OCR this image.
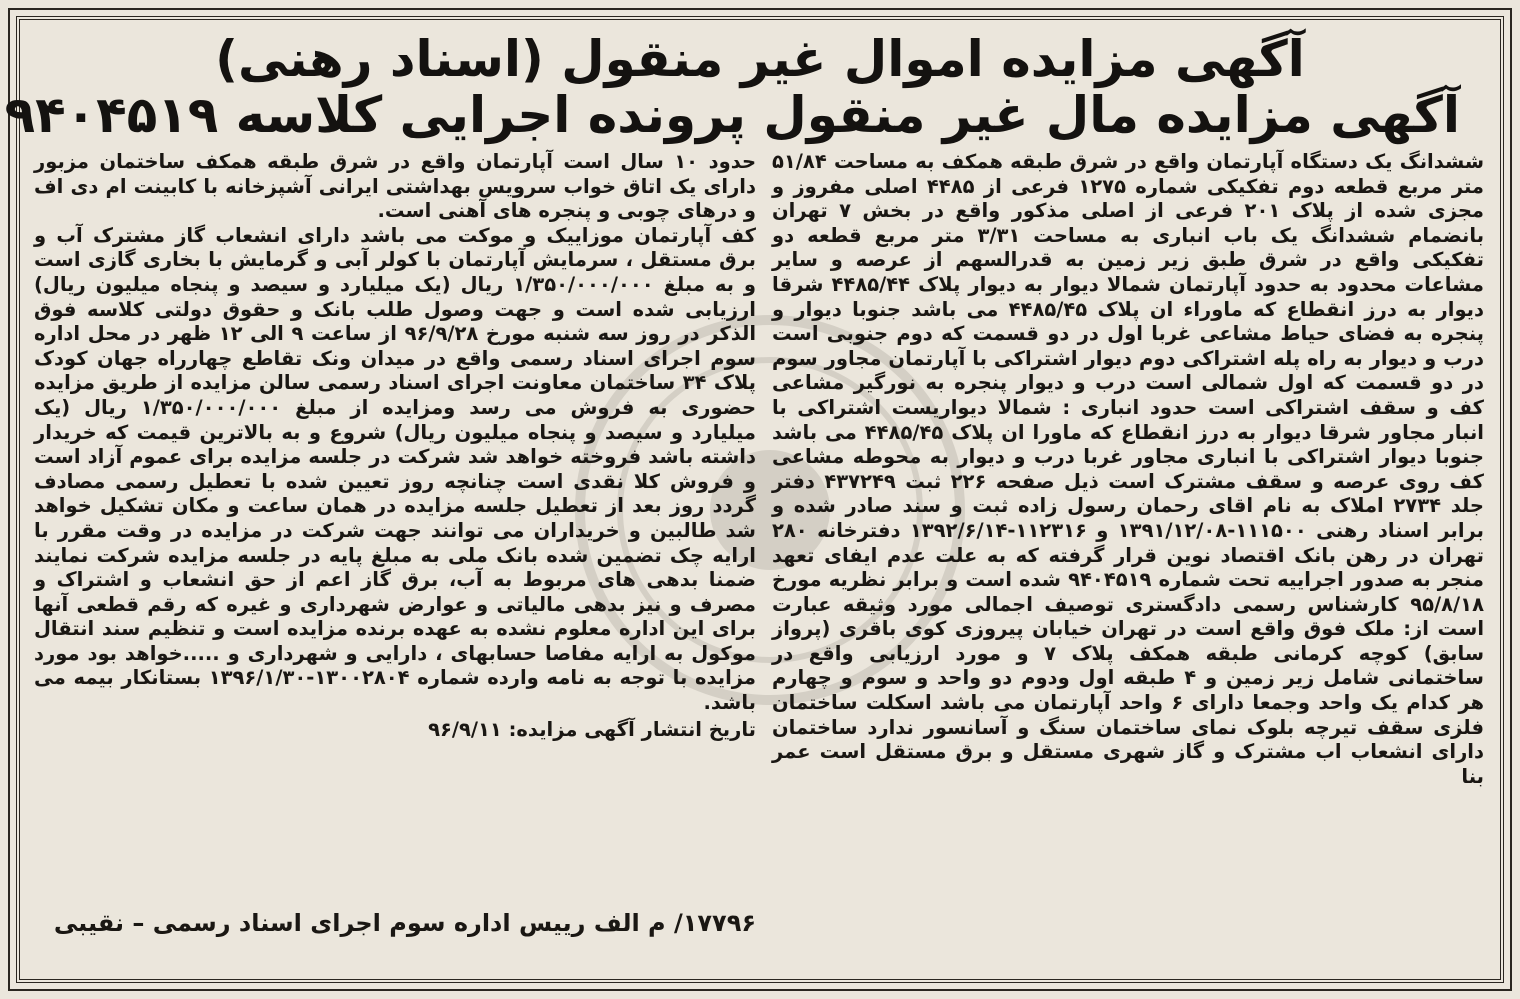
آگهی مزایده اموال غیر منقول (اسناد رهنی)
آگهی مزایده مال غیر منقول پرونده اجرایی کلاسه ۹۴۰۴۵۱۹

ششدانگ یک دستگاه آپارتمان واقع در شرق طبقه همکف به مساحت ۵۱/۸۴ متر مربع قطعه دوم تفکیکی شماره ۱۲۷۵ فرعی از ۴۴۸۵ اصلی مفروز و مجزی شده از پلاک ۲۰۱ فرعی از اصلی مذکور واقع در بخش ۷ تهران بانضمام ششدانگ یک باب انباری به مساحت ۳/۳۱ متر مربع قطعه دو تفکیکی واقع در شرق طبق زیر زمین به قدرالسهم از عرصه و سایر مشاعات محدود به حدود آپارتمان شمالا دیوار به دیوار پلاک ۴۴۸۵/۴۴ شرقا دیوار به درز انقطاع که ماوراء ان پلاک ۴۴۸۵/۴۵ می باشد جنوبا دیوار و پنجره به فضای حیاط مشاعی غربا اول در دو قسمت که دوم جنوبی است درب و دیوار به راه پله اشتراکی دوم دیوار اشتراکی با آپارتمان مجاور سوم در دو قسمت که اول شمالی است درب و دیوار پنجره به نورگیر مشاعی کف و سقف اشتراکی است حدود انباری : شمالا دیواریست اشتراکی با انبار مجاور شرقا دیوار به درز انقطاع که ماورا ان پلاک ۴۴۸۵/۴۵ می باشد جنوبا دیوار اشتراکی با انباری مجاور غربا درب و دیوار به محوطه مشاعی کف روی عرصه و سقف مشترک است ذیل صفحه ۲۲۶ ثبت ۴۳۷۲۴۹ دفتر جلد ۲۷۳۴ املاک به نام اقای رحمان رسول زاده ثبت و سند صادر شده و برابر اسناد رهنی ۱۱۱۵۰۰-۱۳۹۱/۱۲/۰۸ و ۱۱۲۳۱۶-۱۳۹۲/۶/۱۴ دفترخانه ۲۸۰ تهران در رهن بانک اقتصاد نوین قرار گرفته که به علت عدم ایفای تعهد منجر به صدور اجراییه تحت شماره ۹۴۰۴۵۱۹ شده است و برابر نظریه مورخ ۹۵/۸/۱۸ کارشناس رسمی دادگستری توصیف اجمالی مورد وثیقه عبارت است از: ملک فوق واقع است در تهران خیابان پیروزی کوی باقری (پرواز سابق) کوچه کرمانی طبقه همکف پلاک ۷ و مورد ارزیابی واقع در ساختمانی شامل زیر زمین و ۴ طبقه اول ودوم دو واحد و سوم و چهارم هر کدام یک واحد وجمعا دارای ۶ واحد آپارتمان می باشد اسکلت ساختمان فلزی سقف تیرچه بلوک نمای ساختمان سنگ و آسانسور ندارد ساختمان دارای انشعاب اب مشترک و گاز شهری مستقل و برق مستقل است عمر بنا

حدود ۱۰ سال است آپارتمان واقع در شرق طبقه همکف ساختمان مزبور دارای یک اتاق خواب سرویس بهداشتی ایرانی آشپزخانه با کابینت ام دی اف و درهای چوبی و پنجره های آهنی است.

کف آپارتمان موزاییک و موکت می باشد دارای انشعاب گاز مشترک آب و برق مستقل ، سرمایش آپارتمان با کولر آبی و گرمایش با بخاری گازی است و به مبلغ ۱/۳۵۰/۰۰۰/۰۰۰ ریال (یک میلیارد و سیصد و پنجاه میلیون ریال) ارزیابی شده است و جهت وصول طلب بانک و حقوق دولتی کلاسه فوق الذکر در روز سه شنبه مورخ ۹۶/۹/۲۸ از ساعت ۹ الی ۱۲ ظهر در محل اداره سوم اجرای اسناد رسمی واقع در میدان ونک تقاطع چهارراه جهان کودک پلاک ۳۴ ساختمان معاونت اجرای اسناد رسمی سالن مزایده از طریق مزایده حضوری به فروش می رسد ومزایده از مبلغ ۱/۳۵۰/۰۰۰/۰۰۰ ریال (یک میلیارد و سیصد و پنجاه میلیون ریال) شروع و به بالاترین قیمت که خریدار داشته باشد فروخته خواهد شد شرکت در جلسه مزایده برای عموم آزاد است و فروش کلا نقدی است چنانچه روز تعیین شده با تعطیل رسمی مصادف گردد روز بعد از تعطیل جلسه مزایده در همان ساعت و مکان تشکیل خواهد شد طالبین و خریداران می توانند جهت شرکت در مزایده در وقت مقرر با ارایه چک تضمین شده بانک ملی به مبلغ پایه در جلسه مزایده شرکت نمایند ضمنا بدهی های مربوط به آب، برق گاز اعم از حق انشعاب و اشتراک و مصرف و نیز بدهی مالیاتی و عوارض شهرداری و غیره که رقم قطعی آنها برای این اداره معلوم نشده به عهده برنده مزایده است و تنظیم سند انتقال موکول به ارایه مفاصا حسابهای ، دارایی و شهرداری و .....خواهد بود مورد مزایده با توجه به نامه وارده شماره ۱۳۰۰۲۸۰۴-۱۳۹۶/۱/۳۰ بستانکار بیمه می باشد.

تاریخ انتشار آگهی مزایده: ۹۶/۹/۱۱

۱۷۷۹۶/ م الف رییس اداره سوم اجرای اسناد رسمی – نقیبی
